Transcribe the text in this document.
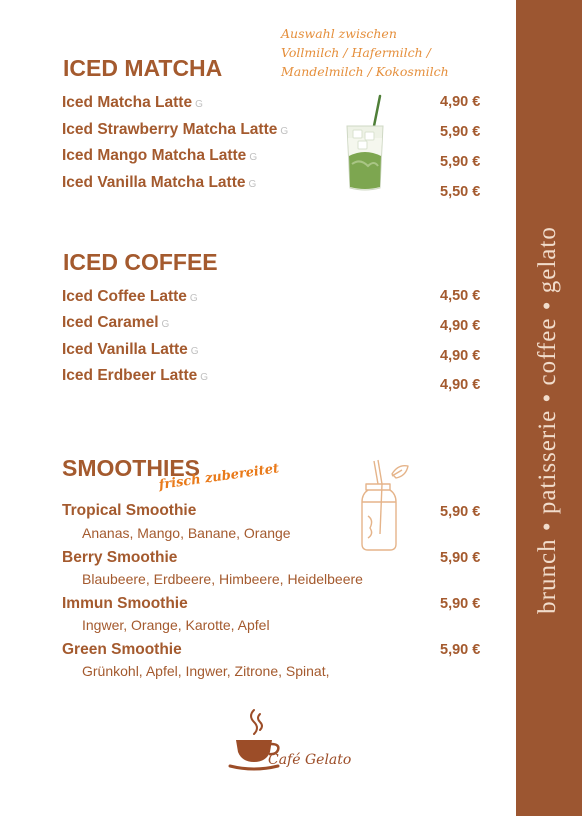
brunch • patisserie • coffee • gelato
Auswahl zwischen
Vollmilch / Hafermilch /
Mandelmilch / Kokosmilch
ICED MATCHA
Iced Matcha Latte G	4,90 €
Iced Strawberry Matcha Latte G	5,90 €
Iced Mango Matcha Latte G	5,90 €
Iced Vanilla Matcha Latte G	5,50 €
ICED COFFEE
Iced Coffee Latte G	4,50 €
Iced Caramel G	4,90 €
Iced Vanilla Latte G	4,90 €
Iced Erdbeer Latte G	4,90 €
SMOOTHIES
frisch zubereitet
Tropical Smoothie	5,90 €
Ananas, Mango, Banane, Orange
Berry Smoothie	5,90 €
Blaubeere, Erdbeere, Himbeere, Heidelbeere
Immun Smoothie	5,90 €
Ingwer, Orange, Karotte, Apfel
Green Smoothie	5,90 €
Grünkohl, Apfel, Ingwer, Zitrone, Spinat,
Café Gelato
